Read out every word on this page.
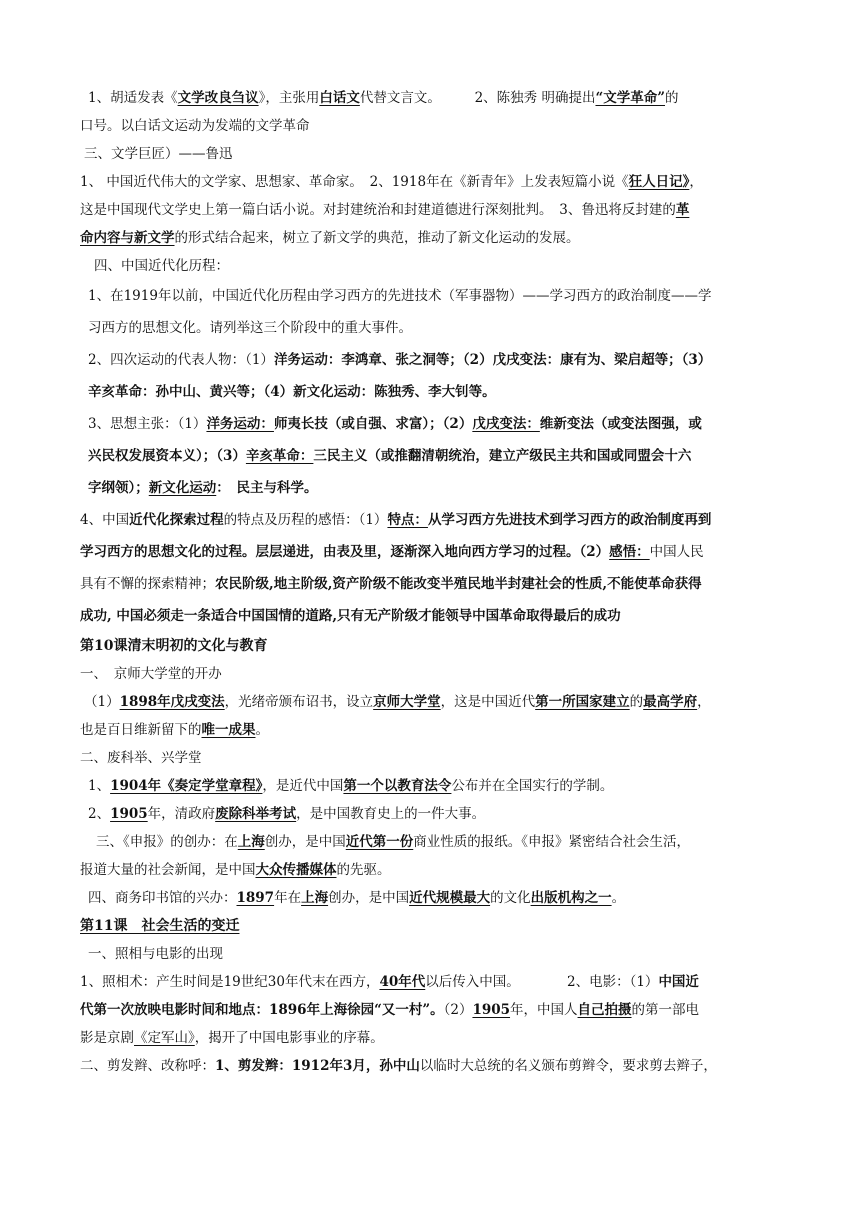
1、胡适发表《文学改良刍议》，主张用白话文代替文言文。　　　2、陈独秀 明确提出“文学革命”的
口号。以白话文运动为发端的文学革命
三、文学巨匠）——鲁迅
1、 中国近代伟大的文学家、思想家、革命家。　2、1918年在《新青年》上发表短篇小说《狂人日记》，
这是中国现代文学史上第一篇白话小说。对封建统治和封建道德进行深刻批判。　3、鲁迅将反封建的革
命内容与新文学的形式结合起来，树立了新文学的典范，推动了新文化运动的发展。
四、中国近代化历程：
1、在1919年以前，中国近代化历程由学习西方的先进技术（军事器物）——学习西方的政治制度——学
习西方的思想文化。请列举这三个阶段中的重大事件。
2、四次运动的代表人物：（1）洋务运动：李鸿章、张之洞等；（2）戊戌变法：康有为、梁启超等；（3）
辛亥革命：孙中山、黄兴等；（4）新文化运动：陈独秀、李大钊等。
3、思想主张：（1）洋务运动：师夷长技（或自强、求富）；（2）戊戌变法：维新变法（或变法图强，或
兴民权发展资本义）；（3）辛亥革命：三民主义（或推翻清朝统治，建立产级民主共和国或同盟会十六
字纲领）；新文化运动：　民主与科学。
4、中国近代化探索过程的特点及历程的感悟：（1）特点：从学习西方先进技术到学习西方的政治制度再到
学习西方的思想文化的过程。层层递进，由表及里，逐渐深入地向西方学习的过程。（2）感悟：中国人民
具有不懈的探索精神；农民阶级,地主阶级,资产阶级不能改变半殖民地半封建社会的性质,不能使革命获得
成功, 中国必须走一条适合中国国情的道路,只有无产阶级才能领导中国革命取得最后的成功
第10课清末明初的文化与教育
一、　京师大学堂的开办
（1）1898年戊戌变法，光绪帝颁布诏书，设立京师大学堂，这是中国近代第一所国家建立的最高学府，
也是百日维新留下的唯一成果。
二、废科举、兴学堂
1、1904年《奏定学堂章程》，是近代中国第一个以教育法令公布并在全国实行的学制。
2、1905年，清政府废除科举考试，是中国教育史上的一件大事。
三、《申报》的创办：在上海创办，是中国近代第一份商业性质的报纸。《申报》紧密结合社会生活，
报道大量的社会新闻，是中国大众传播媒体的先驱。
四、商务印书馆的兴办：1897年在上海创办，是中国近代规模最大的文化出版机构之一。
第11课　社会生活的变迁
一、照相与电影的出现
1、照相术：产生时间是19世纪30年代末在西方，40年代以后传入中国。　　　　2、电影：（1）中国近
代第一次放映电影时间和地点：1896年上海徐园“又一村”。（2）1905年，中国人自己拍摄的第一部电
影是京剧《定军山》，揭开了中国电影事业的序幕。
二、剪发辫、改称呼：1、剪发辫：1912年3月，孙中山以临时大总统的名义颁布剪辫令，要求剪去辫子，
